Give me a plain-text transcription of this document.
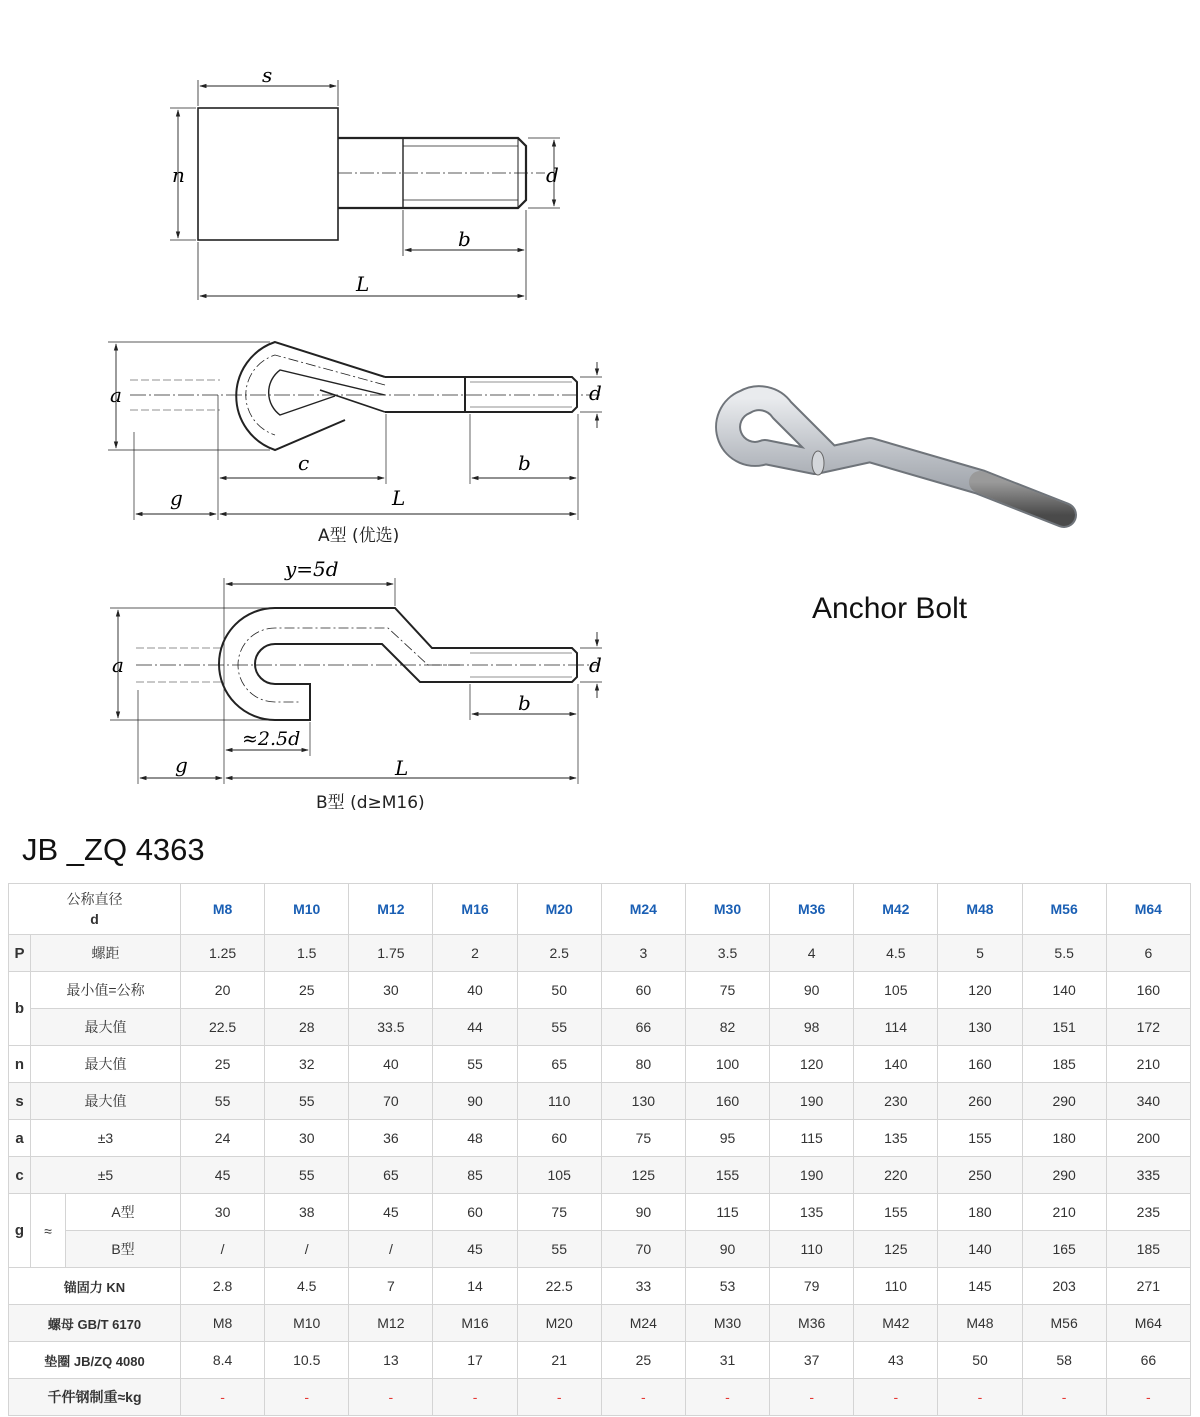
s
n	d
b
L
a	d
c	b
g	L
A型 (优选)
y=5d
a	d
b
≈2.5d
g	L
B型 (d≥M16)
Anchor Bolt
JB _ZQ 4363
公称直径
d			M8	M10	M12	M16	M20	M24	M30	M36	M42	M48	M56	M64
P	螺距		1.25	1.5	1.75	2	2.5	3	3.5	4	4.5	5	5.5	6
b	最小值=公称		20	25	30	40	50	60	75	90	105	120	140	160
	最大值		22.5	28	33.5	44	55	66	82	98	114	130	151	172
n	最大值		25	32	40	55	65	80	100	120	140	160	185	210
s	最大值		55	55	70	90	110	130	160	190	230	260	290	340
a	±3		24	30	36	48	60	75	95	115	135	155	180	200
c	±5		45	55	65	85	105	125	155	190	220	250	290	335
g	≈	A型	30	38	45	60	75	90	115	135	155	180	210	235
		B型	/	/	/	45	55	70	90	110	125	140	165	185
锚固力 KN			2.8	4.5	7	14	22.5	33	53	79	110	145	203	271
螺母 GB/T 6170			M8	M10	M12	M16	M20	M24	M30	M36	M42	M48	M56	M64
垫圈 JB/ZQ 4080			8.4	10.5	13	17	21	25	31	37	43	50	58	66
千件钢制重≈kg			-	-	-	-	-	-	-	-	-	-	-	-
